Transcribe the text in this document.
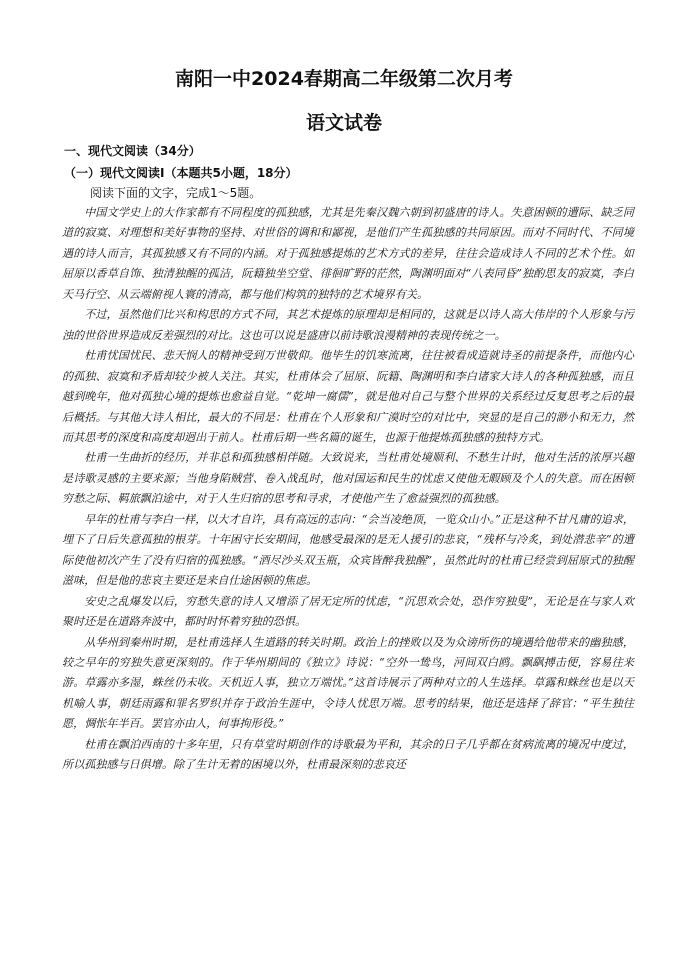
南阳一中2024春期高二年级第二次月考
语文试卷
一、现代文阅读（34分）
（一）现代文阅读Ⅰ（本题共5小题，18分）
阅读下面的文字，完成1～5题。

中国文学史上的大作家都有不同程度的孤独感，尤其是先秦汉魏六朝到初盛唐的诗人。失意困顿的遭际、缺乏同道的寂寞、对理想和美好事物的坚持、对世俗的调和和鄙视，是他们产生孤独感的共同原因。而对不同时代、不同境遇的诗人而言，其孤独感又有不同的内涵。对于孤独感提炼的艺术方式的差异，往往会造成诗人不同的艺术个性。如屈原以香草自饰、独清独醒的孤洁，阮籍独坐空堂、徘徊旷野的茫然，陶渊明面对“八表同昏”独酌思友的寂寞，李白天马行空、从云端俯视人寰的清高，都与他们构筑的独特的艺术境界有关。

不过，虽然他们比兴和构思的方式不同，其艺术提炼的原理却是相同的，这就是以诗人高大伟岸的个人形象与污浊的世俗世界造成反差强烈的对比。这也可以说是盛唐以前诗歌浪漫精神的表现传统之一。

杜甫忧国忧民、悲天悯人的精神受到万世敬仰。他毕生的饥寒流离，往往被看成造就诗圣的前提条件，而他内心的孤独、寂寞和矛盾却较少被人关注。其实，杜甫体会了屈原、阮籍、陶渊明和李白诸家大诗人的各种孤独感，而且越到晚年，他对孤独心境的提炼也愈益自觉。“乾坤一腐儒”，就是他对自己与整个世界的关系经过反复思考之后的最后概括。与其他大诗人相比，最大的不同是：杜甫在个人形象和广漠时空的对比中，突显的是自己的渺小和无力，然而其思考的深度和高度却迥出于前人。杜甫后期一些名篇的诞生，也源于他提炼孤独感的独特方式。

杜甫一生曲折的经历，并非总和孤独感相伴随。大致说来，当杜甫处境顺利、不愁生计时，他对生活的浓厚兴趣是诗歌灵感的主要来源；当他身陷贼营、卷入战乱时，他对国运和民生的忧虑又使他无暇顾及个人的失意。而在困顿穷愁之际、羁旅飘泊途中，对于人生归宿的思考和寻求，才使他产生了愈益强烈的孤独感。

早年的杜甫与李白一样，以大才自许，具有高远的志向：“会当凌绝顶，一览众山小。”正是这种不甘凡庸的追求，埋下了日后失意孤独的根芽。十年困守长安期间，他感受最深的是无人援引的悲哀，“残杯与冷炙，到处潜悲辛”的遭际使他初次产生了没有归宿的孤独感。“酒尽沙头双玉瓶，众宾皆醉我独醒”，虽然此时的杜甫已经尝到屈原式的独醒滋味，但是他的悲哀主要还是来自仕途困顿的焦虑。

安史之乱爆发以后，穷愁失意的诗人又增添了居无定所的忧虑，“沉思欢会处，恐作穷独叟”，无论是在与家人欢聚时还是在道路奔波中，都时时怀着穷独的恐惧。

从华州到秦州时期，是杜甫选择人生道路的转关时期。政治上的挫败以及为众谤所伤的境遇给他带来的幽独感，较之早年的穷独失意更深刻的。作于华州期间的《独立》诗说：“空外一鸷鸟，河间双白鸥。飘飖搏击便，容易往来游。草露亦多湿，蛛丝仍未收。天机近人事，独立万端忧。”这首诗展示了两种对立的人生选择。草露和蛛丝也是以天机喻人事，朝廷雨露和罪名罗织并存于政治生涯中，令诗人忧思万端。思考的结果，他还是选择了辞官：“平生独往愿，惆怅年半百。罢官亦由人，何事拘形役。”

杜甫在飘泊西南的十多年里，只有草堂时期创作的诗歌最为平和，其余的日子几乎都在贫病流离的境况中度过，所以孤独感与日俱增。除了生计无着的困境以外，杜甫最深刻的悲哀还
